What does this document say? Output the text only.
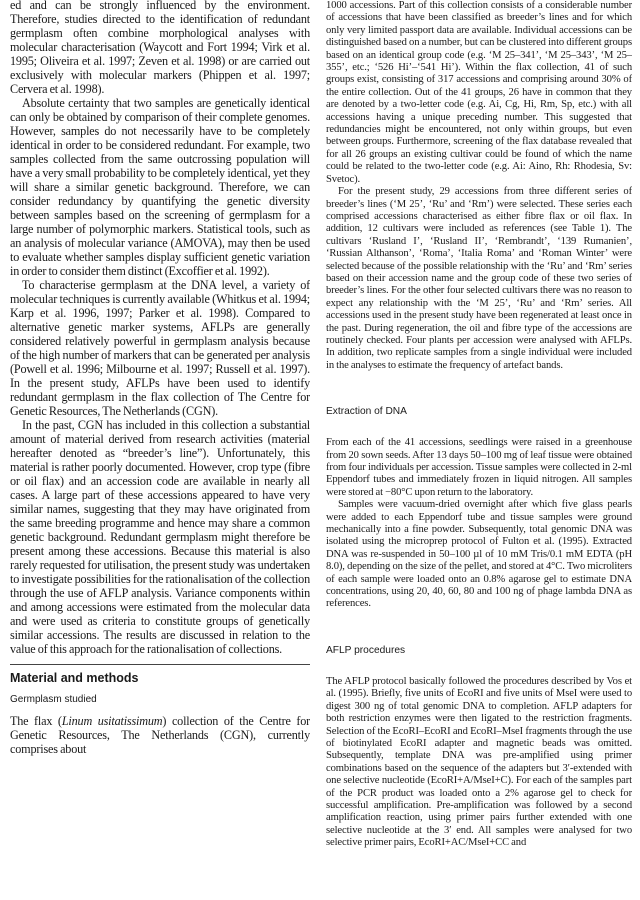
ed and can be strongly influenced by the environment. Therefore, studies directed to the identification of redundant germplasm often combine morphological analyses with molecular characterisation (Waycott and Fort 1994; Virk et al. 1995; Oliveira et al. 1997; Zeven et al. 1998) or are carried out exclusively with molecular markers (Phippen et al. 1997; Cervera et al. 1998).

Absolute certainty that two samples are genetically identical can only be obtained by comparison of their complete genomes. However, samples do not necessarily have to be completely identical in order to be considered redundant. For example, two samples collected from the same outcrossing population will have a very small probability to be completely identical, yet they will share a similar genetic background. Therefore, we can consider redundancy by quantifying the genetic diversity between samples based on the screening of germplasm for a large number of polymorphic markers. Statistical tools, such as an analysis of molecular variance (AMOVA), may then be used to evaluate whether samples display sufficient genetic variation in order to consider them distinct (Excoffier et al. 1992).

To characterise germplasm at the DNA level, a variety of molecular techniques is currently available (Whitkus et al. 1994; Karp et al. 1996, 1997; Parker et al. 1998). Compared to alternative genetic marker systems, AFLPs are generally considered relatively powerful in germplasm analysis because of the high number of markers that can be generated per analysis (Powell et al. 1996; Milbourne et al. 1997; Russell et al. 1997). In the present study, AFLPs have been used to identify redundant germplasm in the flax collection of The Centre for Genetic Resources, The Netherlands (CGN).

In the past, CGN has included in this collection a substantial amount of material derived from research activities (material hereafter denoted as “breeder’s line”). Unfortunately, this material is rather poorly documented. However, crop type (fibre or oil flax) and an accession code are available in nearly all cases. A large part of these accessions appeared to have very similar names, suggesting that they may have originated from the same breeding programme and hence may share a common genetic background. Redundant germplasm might therefore be present among these accessions. Because this material is also rarely requested for utilisation, the present study was undertaken to investigate possibilities for the rationalisation of the collection through the use of AFLP analysis. Variance components within and among accessions were estimated from the molecular data and were used as criteria to constitute groups of genetically similar accessions. The results are discussed in relation to the value of this approach for the rationalisation of collections.

Material and methods
Germplasm studied

The flax (Linum usitatissimum) collection of the Centre for Genetic Resources, The Netherlands (CGN), currently comprises about

1000 accessions. Part of this collection consists of a considerable number of accessions that have been classified as breeder’s lines and for which only very limited passport data are available. Individual accessions can be distinguished based on a number, but can be clustered into different groups based on an identical group code (e.g. ‘M 25–341’, ‘M 25–343’, ‘M 25–355’, etc.; ‘526 Hi’–‘541 Hi’). Within the flax collection, 41 of such groups exist, consisting of 317 accessions and comprising around 30% of the entire collection. Out of the 41 groups, 26 have in common that they are denoted by a two-letter code (e.g. Ai, Cg, Hi, Rm, Sp, etc.) with all accessions having a unique preceding number. This suggested that redundancies might be encountered, not only within groups, but even between groups. Furthermore, screening of the flax database revealed that for all 26 groups an existing cultivar could be found of which the name could be related to the two-letter code (e.g. Ai: Aino, Rh: Rhodesia, Sv: Svetoc).

For the present study, 29 accessions from three different series of breeder’s lines (‘M 25’, ‘Ru’ and ‘Rm’) were selected. These series each comprised accessions characterised as either fibre flax or oil flax. In addition, 12 cultivars were included as references (see Table 1). The cultivars ‘Rusland I’, ‘Rusland II’, ‘Rembrandt’, ‘139 Rumanien’, ‘Russian Althanson’, ‘Roma’, ‘Italia Roma’ and ‘Roman Winter’ were selected because of the possible relationship with the ‘Ru’ and ‘Rm’ series based on their accession name and the group code of these two series of breeder’s lines. For the other four selected cultivars there was no reason to expect any relationship with the ‘M 25’, ‘Ru’ and ‘Rm’ series. All accessions used in the present study have been regenerated at least once in the past. During regeneration, the oil and fibre type of the accessions are routinely checked. Four plants per accession were analysed with AFLPs. In addition, two replicate samples from a single individual were included in the analyses to estimate the frequency of artefact bands.

Extraction of DNA

From each of the 41 accessions, seedlings were raised in a greenhouse from 20 sown seeds. After 13 days 50–100 mg of leaf tissue were obtained from four individuals per accession. Tissue samples were collected in 2-ml Eppendorf tubes and immediately frozen in liquid nitrogen. All samples were stored at −80°C upon return to the laboratory.

Samples were vacuum-dried overnight after which five glass pearls were added to each Eppendorf tube and tissue samples were ground mechanically into a fine powder. Subsequently, total genomic DNA was isolated using the microprep protocol of Fulton et al. (1995). Extracted DNA was re-suspended in 50–100 µl of 10 mM Tris/0.1 mM EDTA (pH 8.0), depending on the size of the pellet, and stored at 4°C. Two microliters of each sample were loaded onto an 0.8% agarose gel to estimate DNA concentrations, using 20, 40, 60, 80 and 100 ng of phage lambda DNA as references.

AFLP procedures

The AFLP protocol basically followed the procedures described by Vos et al. (1995). Briefly, five units of EcoRI and five units of MseI were used to digest 300 ng of total genomic DNA to completion. AFLP adapters for both restriction enzymes were then ligated to the restriction fragments. Selection of the EcoRI–EcoRI and EcoRI–MseI fragments through the use of biotinylated EcoRI adapter and magnetic beads was omitted. Subsequently, template DNA was pre-amplified using primer combinations based on the sequence of the adapters but 3′-extended with one selective nucleotide (EcoRI+A/MseI+C). For each of the samples part of the PCR product was loaded onto a 2% agarose gel to check for successful amplification. Pre-amplification was followed by a second amplification reaction, using primer pairs further extended with one selective nucleotide at the 3′ end. All samples were analysed for two selective primer pairs, EcoRI+AC/MseI+CC and
